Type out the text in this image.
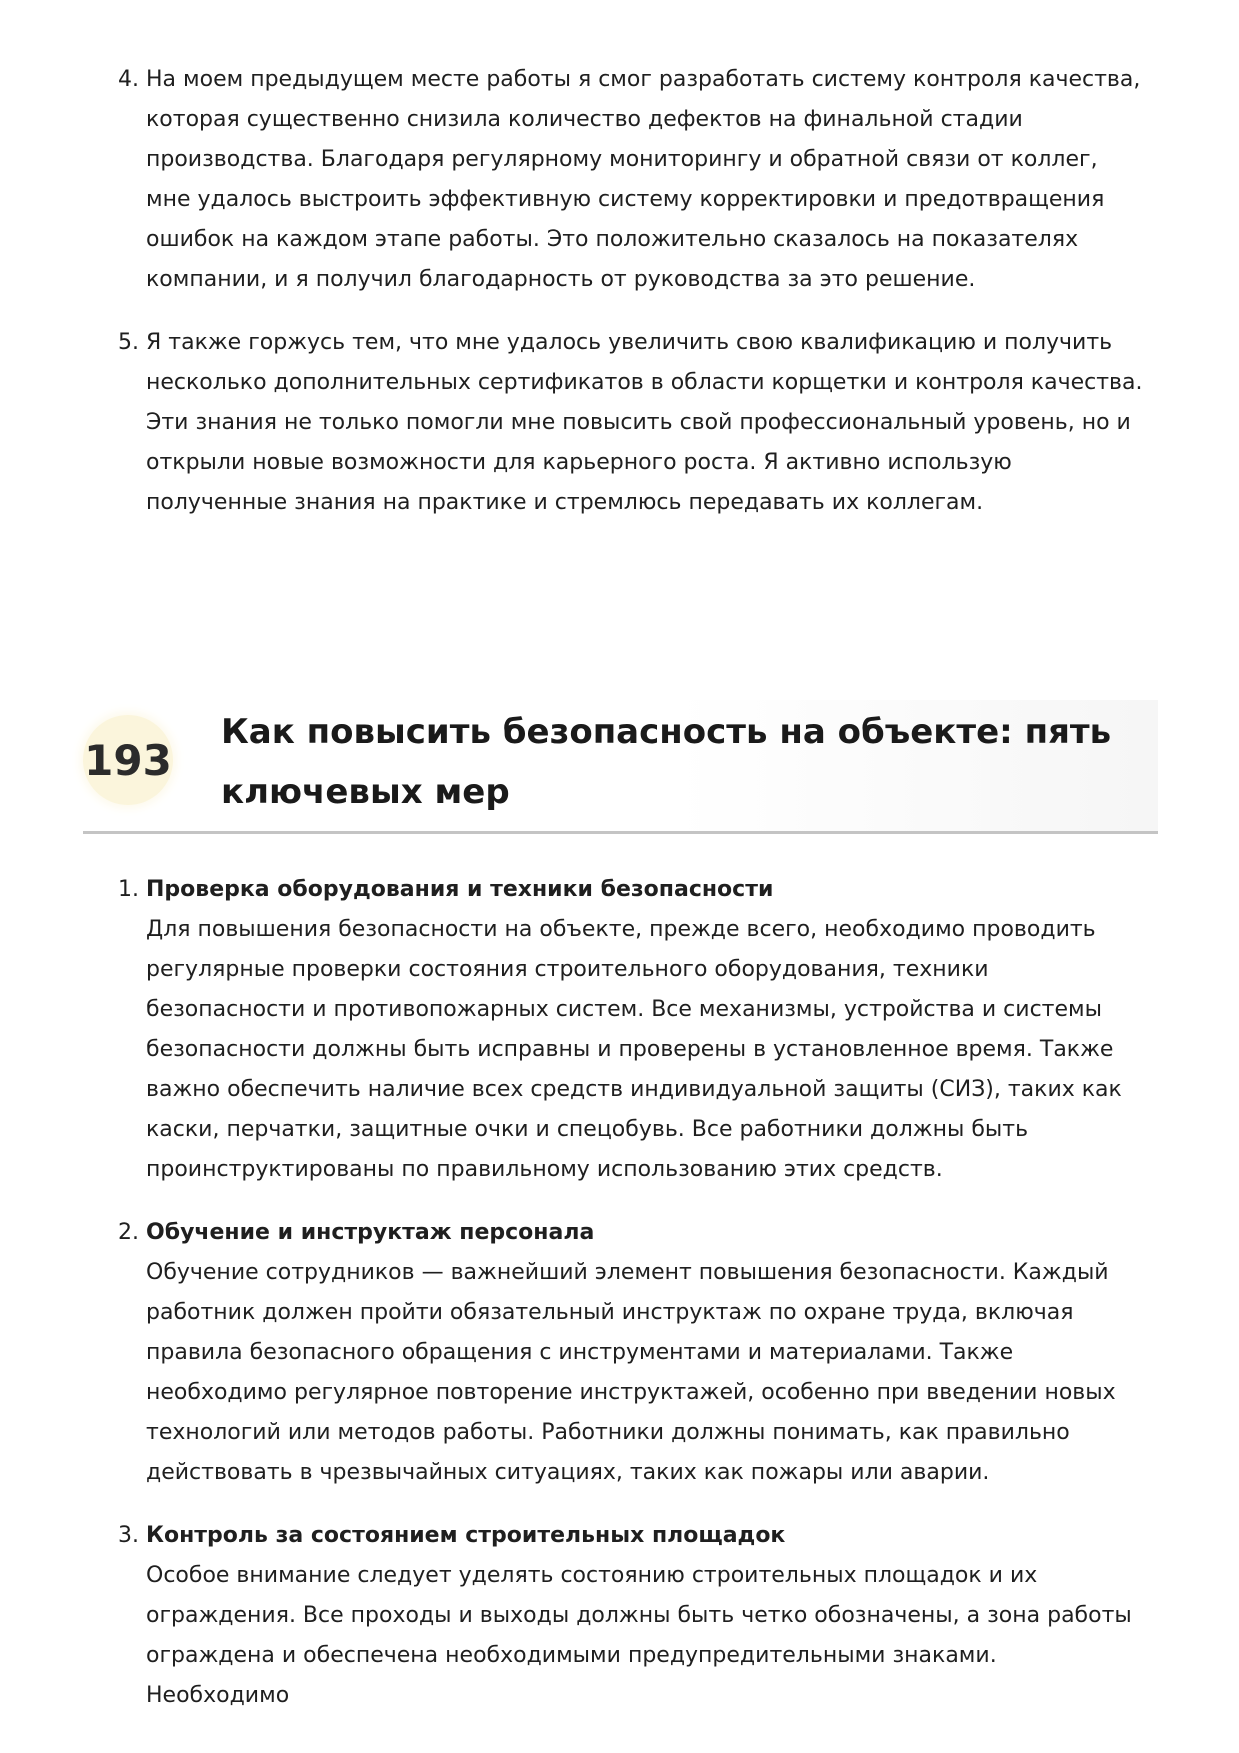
4. На моем предыдущем месте работы я смог разработать систему контроля качества, которая существенно снизила количество дефектов на финальной стадии производства. Благодаря регулярному мониторингу и обратной связи от коллег, мне удалось выстроить эффективную систему корректировки и предотвращения ошибок на каждом этапе работы. Это положительно сказалось на показателях компании, и я получил благодарность от руководства за это решение.
5. Я также горжусь тем, что мне удалось увеличить свою квалификацию и получить несколько дополнительных сертификатов в области корщетки и контроля качества. Эти знания не только помогли мне повысить свой профессиональный уровень, но и открыли новые возможности для карьерного роста. Я активно использую полученные знания на практике и стремлюсь передавать их коллегам.
193
Как повысить безопасность на объекте: пять ключевых мер
1. Проверка оборудования и техники безопасности
Для повышения безопасности на объекте, прежде всего, необходимо проводить регулярные проверки состояния строительного оборудования, техники безопасности и противопожарных систем. Все механизмы, устройства и системы безопасности должны быть исправны и проверены в установленное время. Также важно обеспечить наличие всех средств индивидуальной защиты (СИЗ), таких как каски, перчатки, защитные очки и спецобувь. Все работники должны быть проинструктированы по правильному использованию этих средств.
2. Обучение и инструктаж персонала
Обучение сотрудников — важнейший элемент повышения безопасности. Каждый работник должен пройти обязательный инструктаж по охране труда, включая правила безопасного обращения с инструментами и материалами. Также необходимо регулярное повторение инструктажей, особенно при введении новых технологий или методов работы. Работники должны понимать, как правильно действовать в чрезвычайных ситуациях, таких как пожары или аварии.
3. Контроль за состоянием строительных площадок
Особое внимание следует уделять состоянию строительных площадок и их ограждения. Все проходы и выходы должны быть четко обозначены, а зона работы ограждена и обеспечена необходимыми предупредительными знаками. Необходимо
